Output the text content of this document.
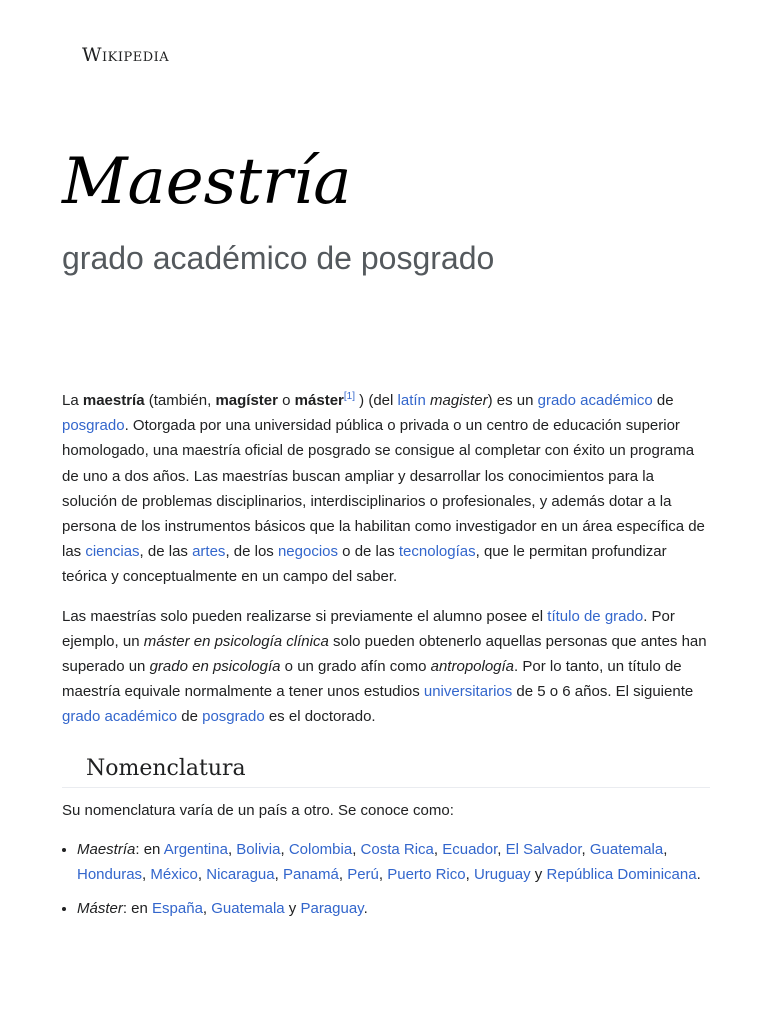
Wikipedia
Maestría
grado académico de posgrado

La maestría (también, magíster o máster[1] ) (del latín magister) es un grado académico de posgrado. Otorgada por una universidad pública o privada o un centro de educación superior homologado, una maestría oficial de posgrado se consigue al completar con éxito un programa de uno a dos años. Las maestrías buscan ampliar y desarrollar los conocimientos para la solución de problemas disciplinarios, interdisciplinarios o profesionales, y además dotar a la persona de los instrumentos básicos que la habilitan como investigador en un área específica de las ciencias, de las artes, de los negocios o de las tecnologías, que le permitan profundizar teórica y conceptualmente en un campo del saber.

Las maestrías solo pueden realizarse si previamente el alumno posee el título de grado. Por ejemplo, un máster en psicología clínica solo pueden obtenerlo aquellas personas que antes han superado un grado en psicología o un grado afín como antropología. Por lo tanto, un título de maestría equivale normalmente a tener unos estudios universitarios de 5 o 6 años. El siguiente grado académico de posgrado es el doctorado.

Nomenclatura

Su nomenclatura varía de un país a otro. Se conoce como:

• Maestría: en Argentina, Bolivia, Colombia, Costa Rica, Ecuador, El Salvador, Guatemala, Honduras, México, Nicaragua, Panamá, Perú, Puerto Rico, Uruguay y República Dominicana.
• Máster: en España, Guatemala y Paraguay.
